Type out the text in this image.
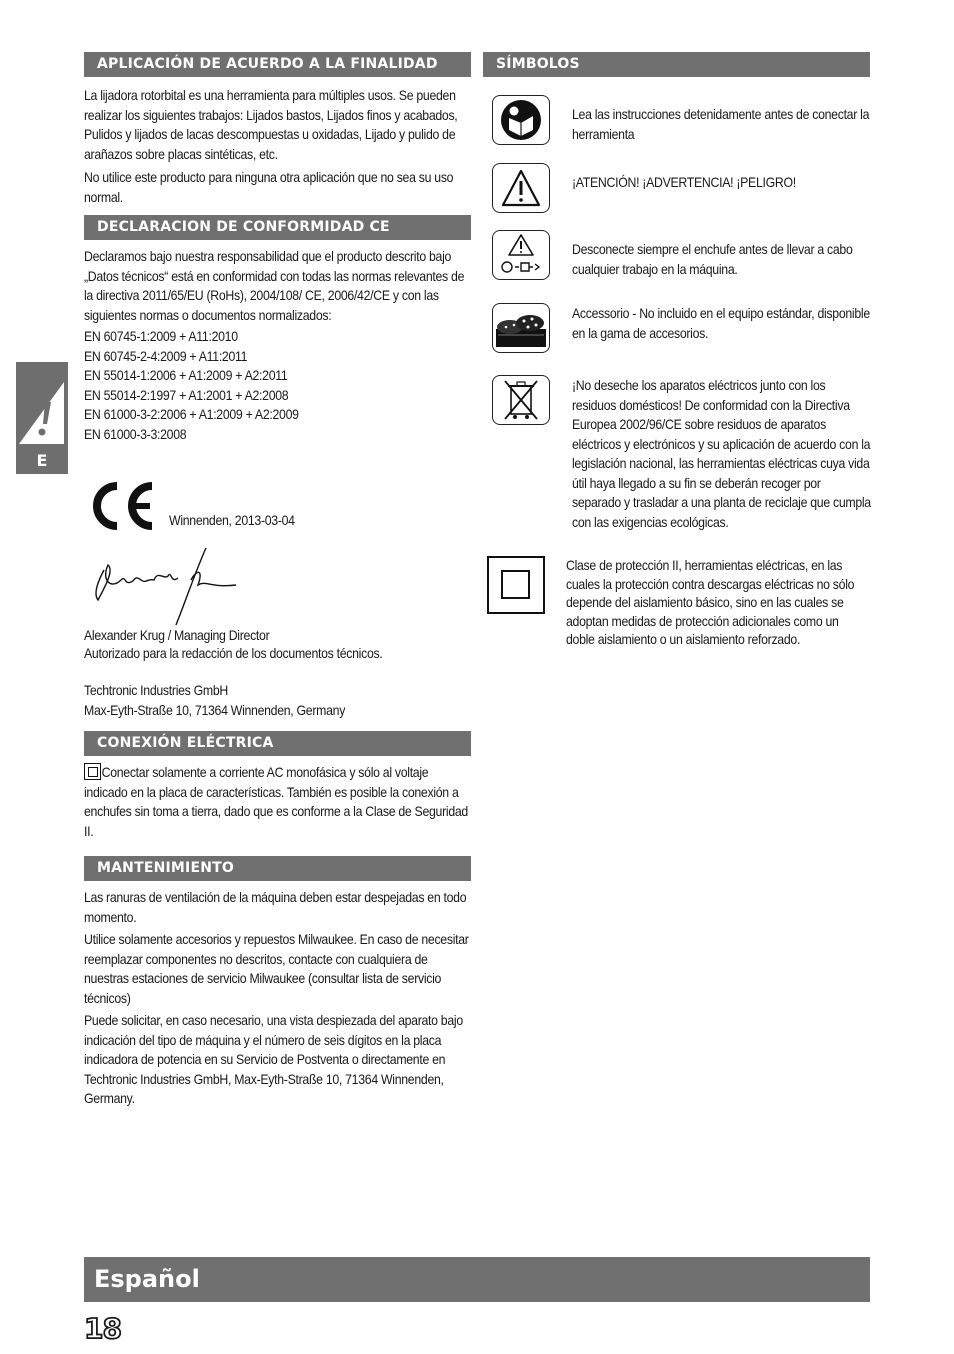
E
APLICACIÓN DE ACUERDO A LA FINALIDAD

La lijadora rotorbital es una herramienta para múltiples usos. Se pueden realizar los siguientes trabajos: Lijados bastos, Lijados finos y acabados, Pulidos y lijados de lacas descompuestas u oxidadas, Lijado y pulido de arañazos sobre placas sintéticas, etc.

No utilice este producto para ninguna otra aplicación que no sea su uso normal.

DECLARACION DE CONFORMIDAD CE

Declaramos bajo nuestra responsabilidad que el producto descrito bajo „Datos técnicos“ está en conformidad con todas las normas relevantes de la directiva 2011/65/EU (RoHs), 2004/108/ CE, 2006/42/CE y con las siguientes normas o documentos normalizados:

EN 60745-1:2009 + A11:2010

EN 60745-2-4:2009 + A11:2011

EN 55014-1:2006 + A1:2009 + A2:2011

EN 55014-2:1997 + A1:2001 + A2:2008

EN 61000-3-2:2006 + A1:2009 + A2:2009

EN 61000-3-3:2008

Winnenden, 2013-03-04

Alexander Krug / Managing Director

Autorizado para la redacción de los documentos técnicos.

Techtronic Industries GmbH

Max-Eyth-Straße 10, 71364 Winnenden, Germany

CONEXIÓN ELÉCTRICA

Conectar solamente a corriente AC monofásica y sólo al voltaje indicado en la placa de características. También es posible la conexión a enchufes sin toma a tierra, dado que es conforme a la Clase de Seguridad II.

MANTENIMIENTO

Las ranuras de ventilación de la máquina deben estar despejadas en todo momento.

Utilice solamente accesorios y repuestos Milwaukee. En caso de necesitar reemplazar componentes no descritos, contacte con cualquiera de nuestras estaciones de servicio Milwaukee (consultar lista de servicio técnicos)

Puede solicitar, en caso necesario, una vista despiezada del aparato bajo indicación del tipo de máquina y el número de seis dígitos en la placa indicadora de potencia en su Servicio de Postventa o directamente en Techtronic Industries GmbH, Max-Eyth-Straße 10, 71364 Winnenden, Germany.

SÍMBOLOS

Lea las instrucciones detenidamente antes de conectar la herramienta

¡ATENCIÓN! ¡ADVERTENCIA! ¡PELIGRO!

Desconecte siempre el enchufe antes de llevar a cabo cualquier trabajo en la máquina.

Accessorio - No incluido en el equipo estándar, disponible en la gama de accesorios.

¡No deseche los aparatos eléctricos junto con los residuos domésticos! De conformidad con la Directiva Europea 2002/96/CE sobre residuos de aparatos eléctricos y electrónicos y su aplicación de acuerdo con la legislación nacional, las herramientas eléctricas cuya vida útil haya llegado a su fin se deberán recoger por separado y trasladar a una planta de reciclaje que cumpla con las exigencias ecológicas.

Clase de protección II, herramientas eléctricas, en las cuales la protección contra descargas eléctricas no sólo depende del aislamiento básico, sino en las cuales se adoptan medidas de protección adicionales como un doble aislamiento o un aislamiento reforzado.

Español
18
